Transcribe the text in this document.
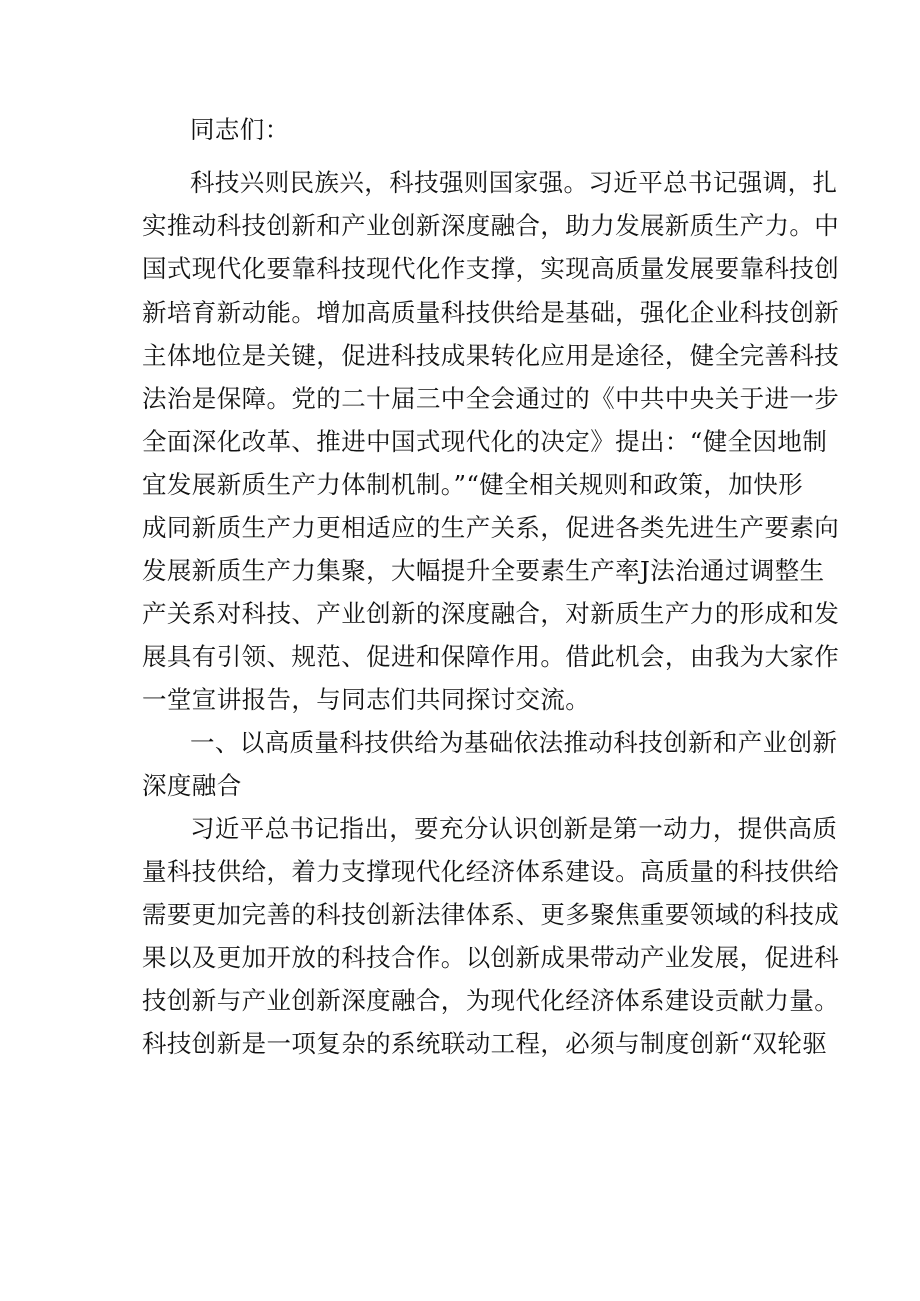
同志们：
科技兴则民族兴，科技强则国家强。习近平总书记强调，扎
实推动科技创新和产业创新深度融合，助力发展新质生产力。中
国式现代化要靠科技现代化作支撑，实现高质量发展要靠科技创
新培育新动能。增加高质量科技供给是基础，强化企业科技创新
主体地位是关键，促进科技成果转化应用是途径，健全完善科技
法治是保障。党的二十届三中全会通过的《中共中央关于进一步
全面深化改革、推进中国式现代化的决定》提出：“健全因地制
宜发展新质生产力体制机制。”“健全相关规则和政策，加快形
成同新质生产力更相适应的生产关系，促进各类先进生产要素向
发展新质生产力集聚，大幅提升全要素生产率J法治通过调整生
产关系对科技、产业创新的深度融合，对新质生产力的形成和发
展具有引领、规范、促进和保障作用。借此机会，由我为大家作
一堂宣讲报告，与同志们共同探讨交流。
一、以高质量科技供给为基础依法推动科技创新和产业创新
深度融合
习近平总书记指出，要充分认识创新是第一动力，提供高质
量科技供给，着力支撑现代化经济体系建设。高质量的科技供给
需要更加完善的科技创新法律体系、更多聚焦重要领域的科技成
果以及更加开放的科技合作。以创新成果带动产业发展，促进科
技创新与产业创新深度融合，为现代化经济体系建设贡献力量。
科技创新是一项复杂的系统联动工程，必须与制度创新“双轮驱
